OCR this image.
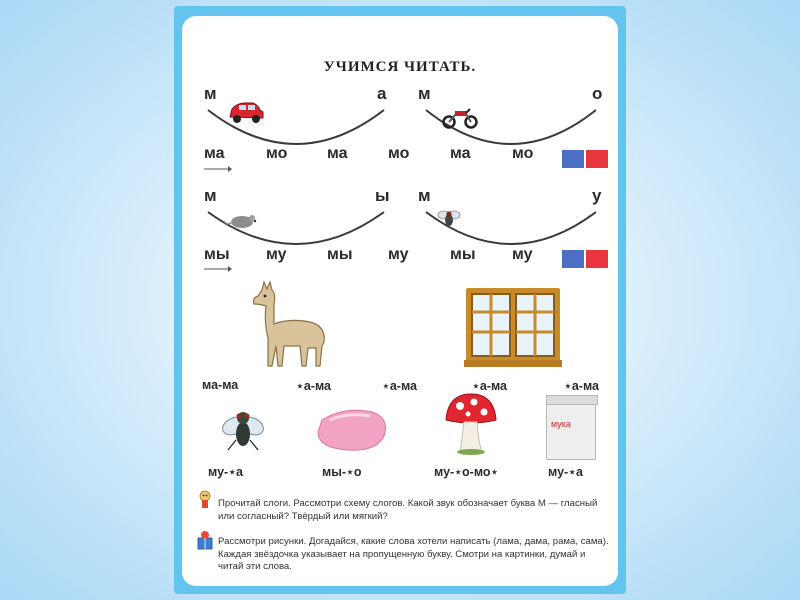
УЧИМСЯ ЧИТАТЬ.
м	а м	о
ма	мо ма	мо	ма	мо
м	ы м	у
мы му	мы му	мы му
ма-ма	⋆а-ма	⋆а-ма	⋆а-ма	⋆а-ма
мука
му-⋆а	мы-⋆о	му-⋆о-мо⋆	му-⋆а
Прочитай слоги. Рассмотри схему слогов. Какой звук обозначает буква М — гласный или согласный? Твёрдый или мягкий?
Рассмотри рисунки. Догадайся, какие слова хотели написать (лама, дама, рама, сама). Каждая звёздочка указывает на пропущенную букву. Смотри на картинки, думай и читай эти слова.
